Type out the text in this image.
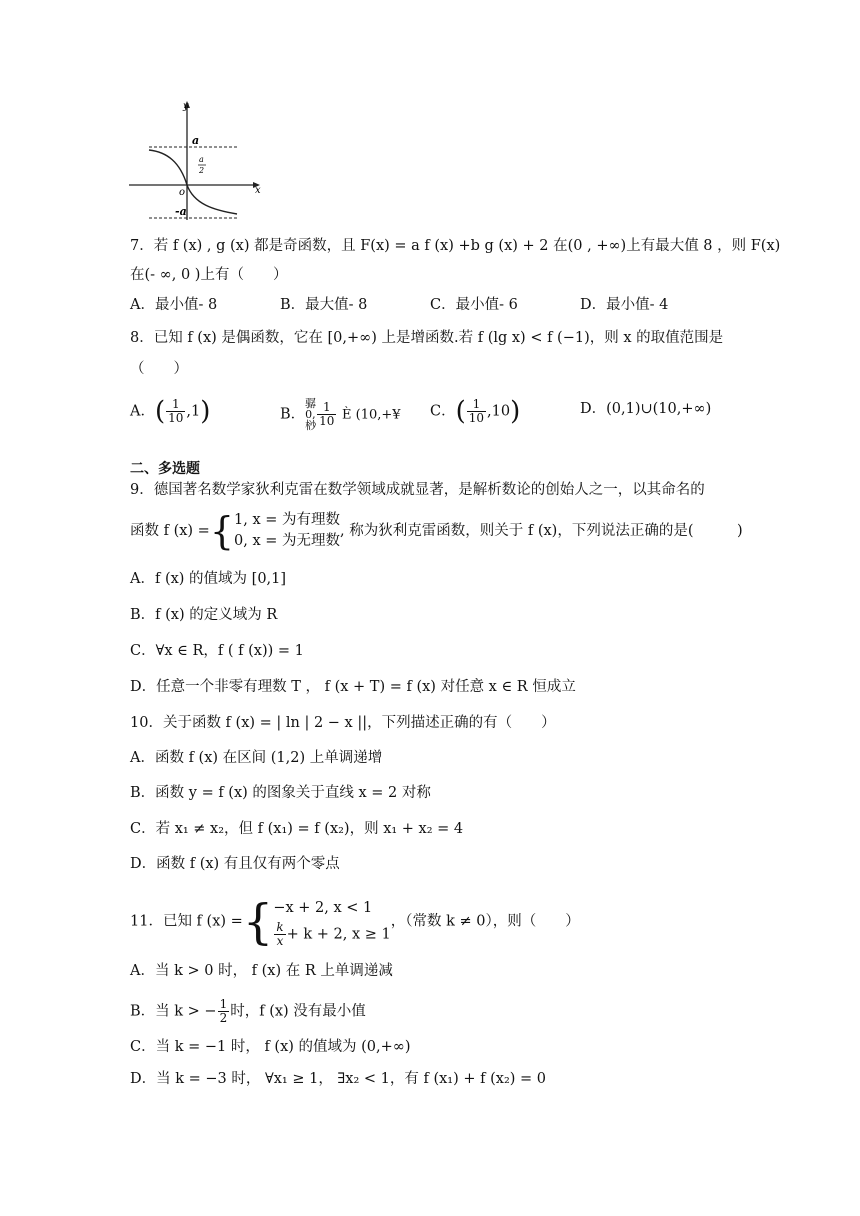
y
x
o
a
a
2
-a
7．若 f (x) , g (x) 都是奇函数，且 F(x) = a f (x) +b g (x) + 2 在(0 , +∞)上有最大值 8 ，则 F(x)
在(- ∞, 0 )上有（　　）
A．最小值- 8	B．最大值- 8	C．最小值- 6	D．最小值- 4
8．已知 f (x) 是偶函数，它在 [0,+∞) 上是增函数.若 f (lg x) < f (−1)，则 x 的取值范围是
（　　）
A．( $\frac{1}{10} ,1$)	B．骣
0,
桫 $\frac{1}{10}$ È (10,+¥ C．( $\frac{1}{10} ,10$)	D．(0,1)∪(10,+∞)
二、多选题
9．德国著名数学家狄利克雷在数学领域成就显著，是解析数论的创始人之一，以其命名的
函数 f (x) ={ 1, x = 为有理数
0, x = 为无理数
, 称为狄利克雷函数，则关于 f (x)，下列说法正确的是(　　　)
A．f (x) 的值域为 [0,1]
B．f (x) 的定义域为 R
C．∀x ∈ R，f ( f (x)) = 1
D．任意一个非零有理数 T ， f (x + T) = f (x) 对任意 x ∈ R 恒成立
10．关于函数 f (x) = | ln | 2 − x ||，下列描述正确的有（　　）
A．函数 f (x) 在区间 (1,2) 上单调递增
B．函数 y = f (x) 的图象关于直线 x = 2 对称
C．若 x₁ ≠ x₂，但 f (x₁) = f (x₂)，则 x₁ + x₂ = 4
D．函数 f (x) 有且仅有两个零点
11．已知 f (x) ={ −x + 2, x < 1
$\frac{k}{x} + k + 2$, x ≥ 1
，（常数 k ≠ 0），则（　　）
A．当 k > 0 时， f (x) 在 R 上单调递减
B．当 k > − $\frac{1}{2}$ 时，f (x) 没有最小值
C．当 k = −1 时， f (x) 的值域为 (0,+∞)
D．当 k = −3 时， ∀x₁ ≥ 1， ∃x₂ < 1，有 f (x₁) + f (x₂) = 0
